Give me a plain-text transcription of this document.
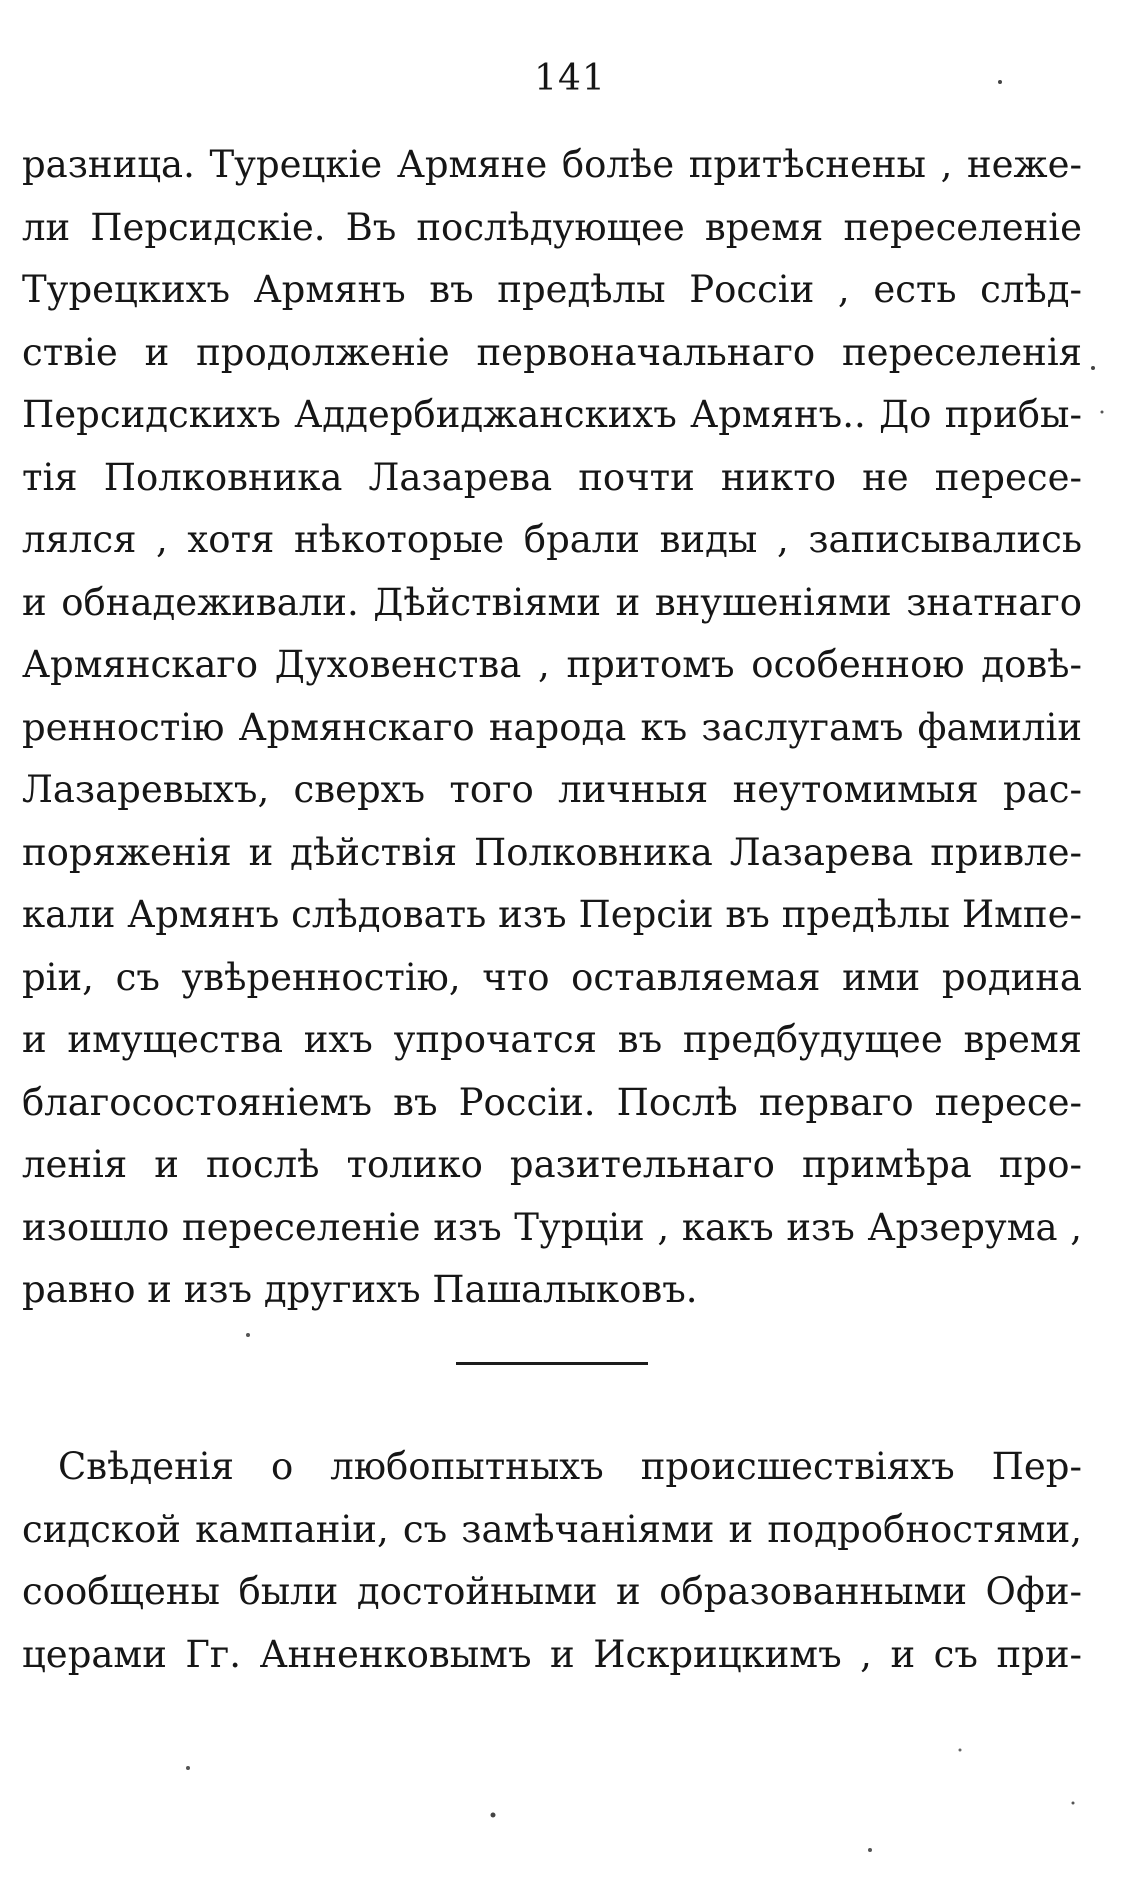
141
разница. Турецкіе Армяне болѣе притѣснены , неже-
ли Персидскіе. Въ послѣдующее время переселеніе
Турецкихъ Армянъ въ предѣлы Россіи , есть слѣд-
ствіе и продолженіе первоначальнаго переселенія
Персидскихъ Аддербиджанскихъ Армянъ.. До прибы-
тія Полковника Лазарева почти никто не пересе-
лялся , хотя нѣкоторые брали виды , записывались
и обнадеживали. Дѣйствіями и внушеніями знатнаго
Армянскаго Духовенства , притомъ особенною довѣ-
ренностію Армянскаго народа къ заслугамъ фамиліи
Лазаревыхъ, сверхъ того личныя неутомимыя рас-
поряженія и дѣйствія Полковника Лазарева привле-
кали Армянъ слѣдовать изъ Персіи въ предѣлы Импе-
ріи, съ увѣренностію, что оставляемая ими родина
и имущества ихъ упрочатся въ предбудущее время
благосостояніемъ въ Россіи. Послѣ перваго пересе-
ленія и послѣ толико разительнаго примѣра про-
изошло переселеніе изъ Турціи , какъ изъ Арзерума ,
равно и изъ другихъ Пашалыковъ.
Свѣденія о любопытныхъ происшествіяхъ Пер-
сидской кампаніи, съ замѣчаніями и подробностями,
сообщены были достойными и образованными Офи-
церами Гг. Анненковымъ и Искрицкимъ , и съ при-
